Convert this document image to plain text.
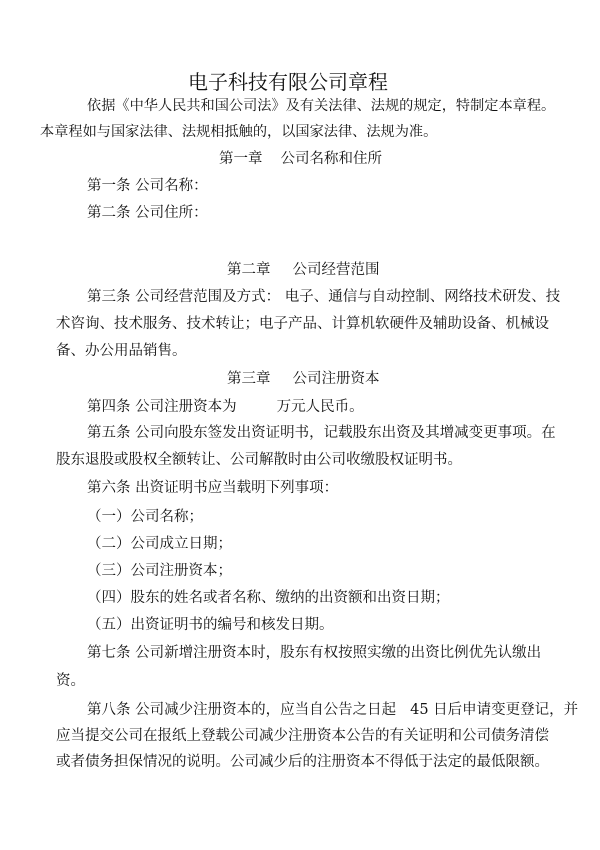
电子科技有限公司章程
依据《中华人民共和国公司法》及有关法律、法规的规定，特制定本章程。
本章程如与国家法律、法规相抵触的，以国家法律、法规为准。
第一章 公司名称和住所
第一条 公司名称：
第二条 公司住所：
第二章 公司经营范围
第三条 公司经营范围及方式： 电子、通信与自动控制、网络技术研发、技
术咨询、技术服务、技术转让；电子产品、计算机软硬件及辅助设备、机械设
备、办公用品销售。
第三章 公司注册资本
第四条 公司注册资本为	万元人民币。
第五条 公司向股东签发出资证明书，记载股东出资及其增减变更事项。在
股东退股或股权全额转让、公司解散时由公司收缴股权证明书。
第六条 出资证明书应当载明下列事项：
（一）公司名称；
（二）公司成立日期；
（三）公司注册资本；
（四）股东的姓名或者名称、缴纳的出资额和出资日期；
（五）出资证明书的编号和核发日期。
第七条 公司新增注册资本时，股东有权按照实缴的出资比例优先认缴出
资。
第八条 公司减少注册资本的，应当自公告之日起 45 日后申请变更登记，并
应当提交公司在报纸上登载公司减少注册资本公告的有关证明和公司债务清偿
或者债务担保情况的说明。公司减少后的注册资本不得低于法定的最低限额。
